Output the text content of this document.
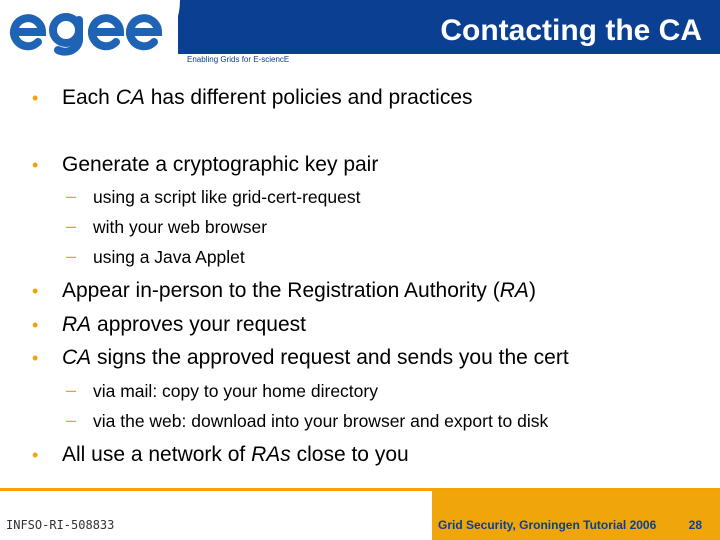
Contacting the CA
Enabling Grids for E-sciencE
• Each CA has different policies and practices
• Generate a cryptographic key pair
– using a script like grid-cert-request
– with your web browser
– using a Java Applet
• Appear in-person to the Registration Authority (RA)
• RA approves your request
• CA signs the approved request and sends you the cert
– via mail: copy to your home directory
– via the web: download into your browser and export to disk
• All use a network of RAs close to you
INFSO-RI-508833	Grid Security, Groningen Tutorial 2006	28
